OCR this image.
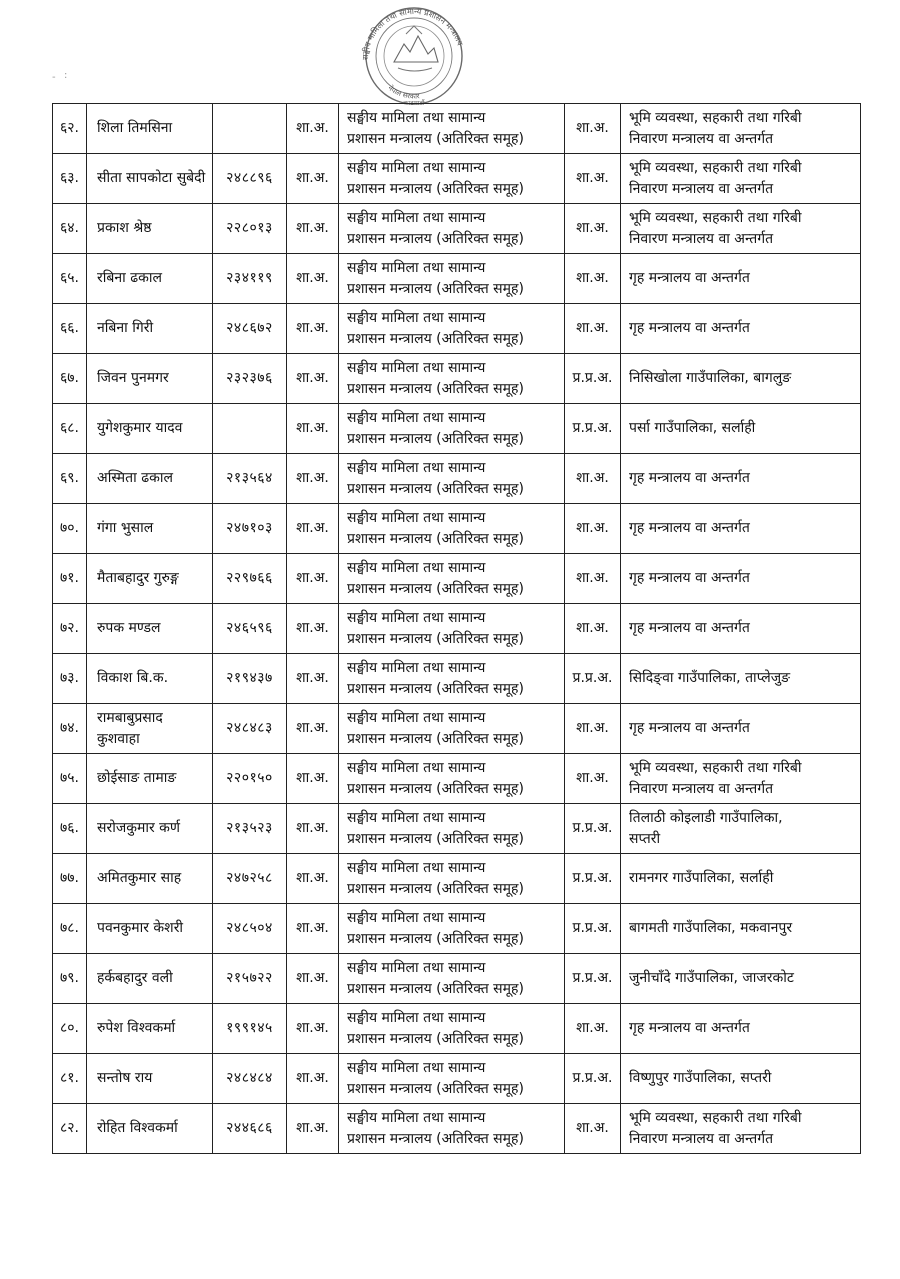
:
-
सङ्घीय मामिला तथा सामान्य प्रशासन मन्त्रालय
नेपाल सरकार
काठमाडौं
६२.	शिला तिमसिना		शा.अ.	सङ्घीय मामिला तथा सामान्य
प्रशासन मन्त्रालय (अतिरिक्त समूह)	शा.अ.	भूमि व्यवस्था, सहकारी तथा गरिबी
निवारण मन्त्रालय वा अन्तर्गत

६३.	सीता सापकोटा सुबेदी	२४८८९६	शा.अ.	सङ्घीय मामिला तथा सामान्य
प्रशासन मन्त्रालय (अतिरिक्त समूह)	शा.अ.	भूमि व्यवस्था, सहकारी तथा गरिबी
निवारण मन्त्रालय वा अन्तर्गत

६४.	प्रकाश श्रेष्ठ	२२८०१३	शा.अ.	सङ्घीय मामिला तथा सामान्य
प्रशासन मन्त्रालय (अतिरिक्त समूह)	शा.अ.	भूमि व्यवस्था, सहकारी तथा गरिबी
निवारण मन्त्रालय वा अन्तर्गत

६५.	रबिना ढकाल	२३४११९	शा.अ.	सङ्घीय मामिला तथा सामान्य
प्रशासन मन्त्रालय (अतिरिक्त समूह)	शा.अ.	गृह मन्त्रालय वा अन्तर्गत

६६.	नबिना गिरी	२४८६७२	शा.अ.	सङ्घीय मामिला तथा सामान्य
प्रशासन मन्त्रालय (अतिरिक्त समूह)	शा.अ.	गृह मन्त्रालय वा अन्तर्गत

६७.	जिवन पुनमगर	२३२३७६	शा.अ.	सङ्घीय मामिला तथा सामान्य
प्रशासन मन्त्रालय (अतिरिक्त समूह)	प्र.प्र.अ.	निसिखोला गाउँपालिका, बागलुङ

६८.	युगेशकुमार यादव		शा.अ.	सङ्घीय मामिला तथा सामान्य
प्रशासन मन्त्रालय (अतिरिक्त समूह)	प्र.प्र.अ.	पर्सा गाउँपालिका, सर्लाही

६९.	अस्मिता ढकाल	२१३५६४	शा.अ.	सङ्घीय मामिला तथा सामान्य
प्रशासन मन्त्रालय (अतिरिक्त समूह)	शा.अ.	गृह मन्त्रालय वा अन्तर्गत

७०.	गंगा भुसाल	२४७१०३	शा.अ.	सङ्घीय मामिला तथा सामान्य
प्रशासन मन्त्रालय (अतिरिक्त समूह)	शा.अ.	गृह मन्त्रालय वा अन्तर्गत

७१.	मैताबहादुर गुरुङ्ग	२२९७६६	शा.अ.	सङ्घीय मामिला तथा सामान्य
प्रशासन मन्त्रालय (अतिरिक्त समूह)	शा.अ.	गृह मन्त्रालय वा अन्तर्गत

७२.	रुपक मण्डल	२४६५९६	शा.अ.	सङ्घीय मामिला तथा सामान्य
प्रशासन मन्त्रालय (अतिरिक्त समूह)	शा.अ.	गृह मन्त्रालय वा अन्तर्गत

७३.	विकाश बि.क.	२१९४३७	शा.अ.	सङ्घीय मामिला तथा सामान्य
प्रशासन मन्त्रालय (अतिरिक्त समूह)	प्र.प्र.अ.	सिदिङ्वा गाउँपालिका, ताप्लेजुङ

७४.	रामबाबुप्रसाद कुशवाहा	२४८४८३	शा.अ.	सङ्घीय मामिला तथा सामान्य
प्रशासन मन्त्रालय (अतिरिक्त समूह)	शा.अ.	गृह मन्त्रालय वा अन्तर्गत

७५.	छोईसाङ तामाङ	२२०१५०	शा.अ.	सङ्घीय मामिला तथा सामान्य
प्रशासन मन्त्रालय (अतिरिक्त समूह)	शा.अ.	भूमि व्यवस्था, सहकारी तथा गरिबी
निवारण मन्त्रालय वा अन्तर्गत

७६.	सरोजकुमार कर्ण	२१३५२३	शा.अ.	सङ्घीय मामिला तथा सामान्य
प्रशासन मन्त्रालय (अतिरिक्त समूह)	प्र.प्र.अ.	तिलाठी कोइलाडी गाउँपालिका,
सप्तरी

७७.	अमितकुमार साह	२४७२५८	शा.अ.	सङ्घीय मामिला तथा सामान्य
प्रशासन मन्त्रालय (अतिरिक्त समूह)	प्र.प्र.अ.	रामनगर गाउँपालिका, सर्लाही

७८.	पवनकुमार केशरी	२४८५०४	शा.अ.	सङ्घीय मामिला तथा सामान्य
प्रशासन मन्त्रालय (अतिरिक्त समूह)	प्र.प्र.अ.	बागमती गाउँपालिका, मकवानपुर

७९.	हर्कबहादुर वली	२१५७२२	शा.अ.	सङ्घीय मामिला तथा सामान्य
प्रशासन मन्त्रालय (अतिरिक्त समूह)	प्र.प्र.अ.	जुनीचाँदे गाउँपालिका, जाजरकोट

८०.	रुपेश विश्वकर्मा	१९९१४५	शा.अ.	सङ्घीय मामिला तथा सामान्य
प्रशासन मन्त्रालय (अतिरिक्त समूह)	शा.अ.	गृह मन्त्रालय वा अन्तर्गत

८१.	सन्तोष राय	२४८४८४	शा.अ.	सङ्घीय मामिला तथा सामान्य
प्रशासन मन्त्रालय (अतिरिक्त समूह)	प्र.प्र.अ.	विष्णुपुर गाउँपालिका, सप्तरी

८२.	रोहित विश्वकर्मा	२४४६८६	शा.अ.	सङ्घीय मामिला तथा सामान्य
प्रशासन मन्त्रालय (अतिरिक्त समूह)	शा.अ.	भूमि व्यवस्था, सहकारी तथा गरिबी
निवारण मन्त्रालय वा अन्तर्गत
